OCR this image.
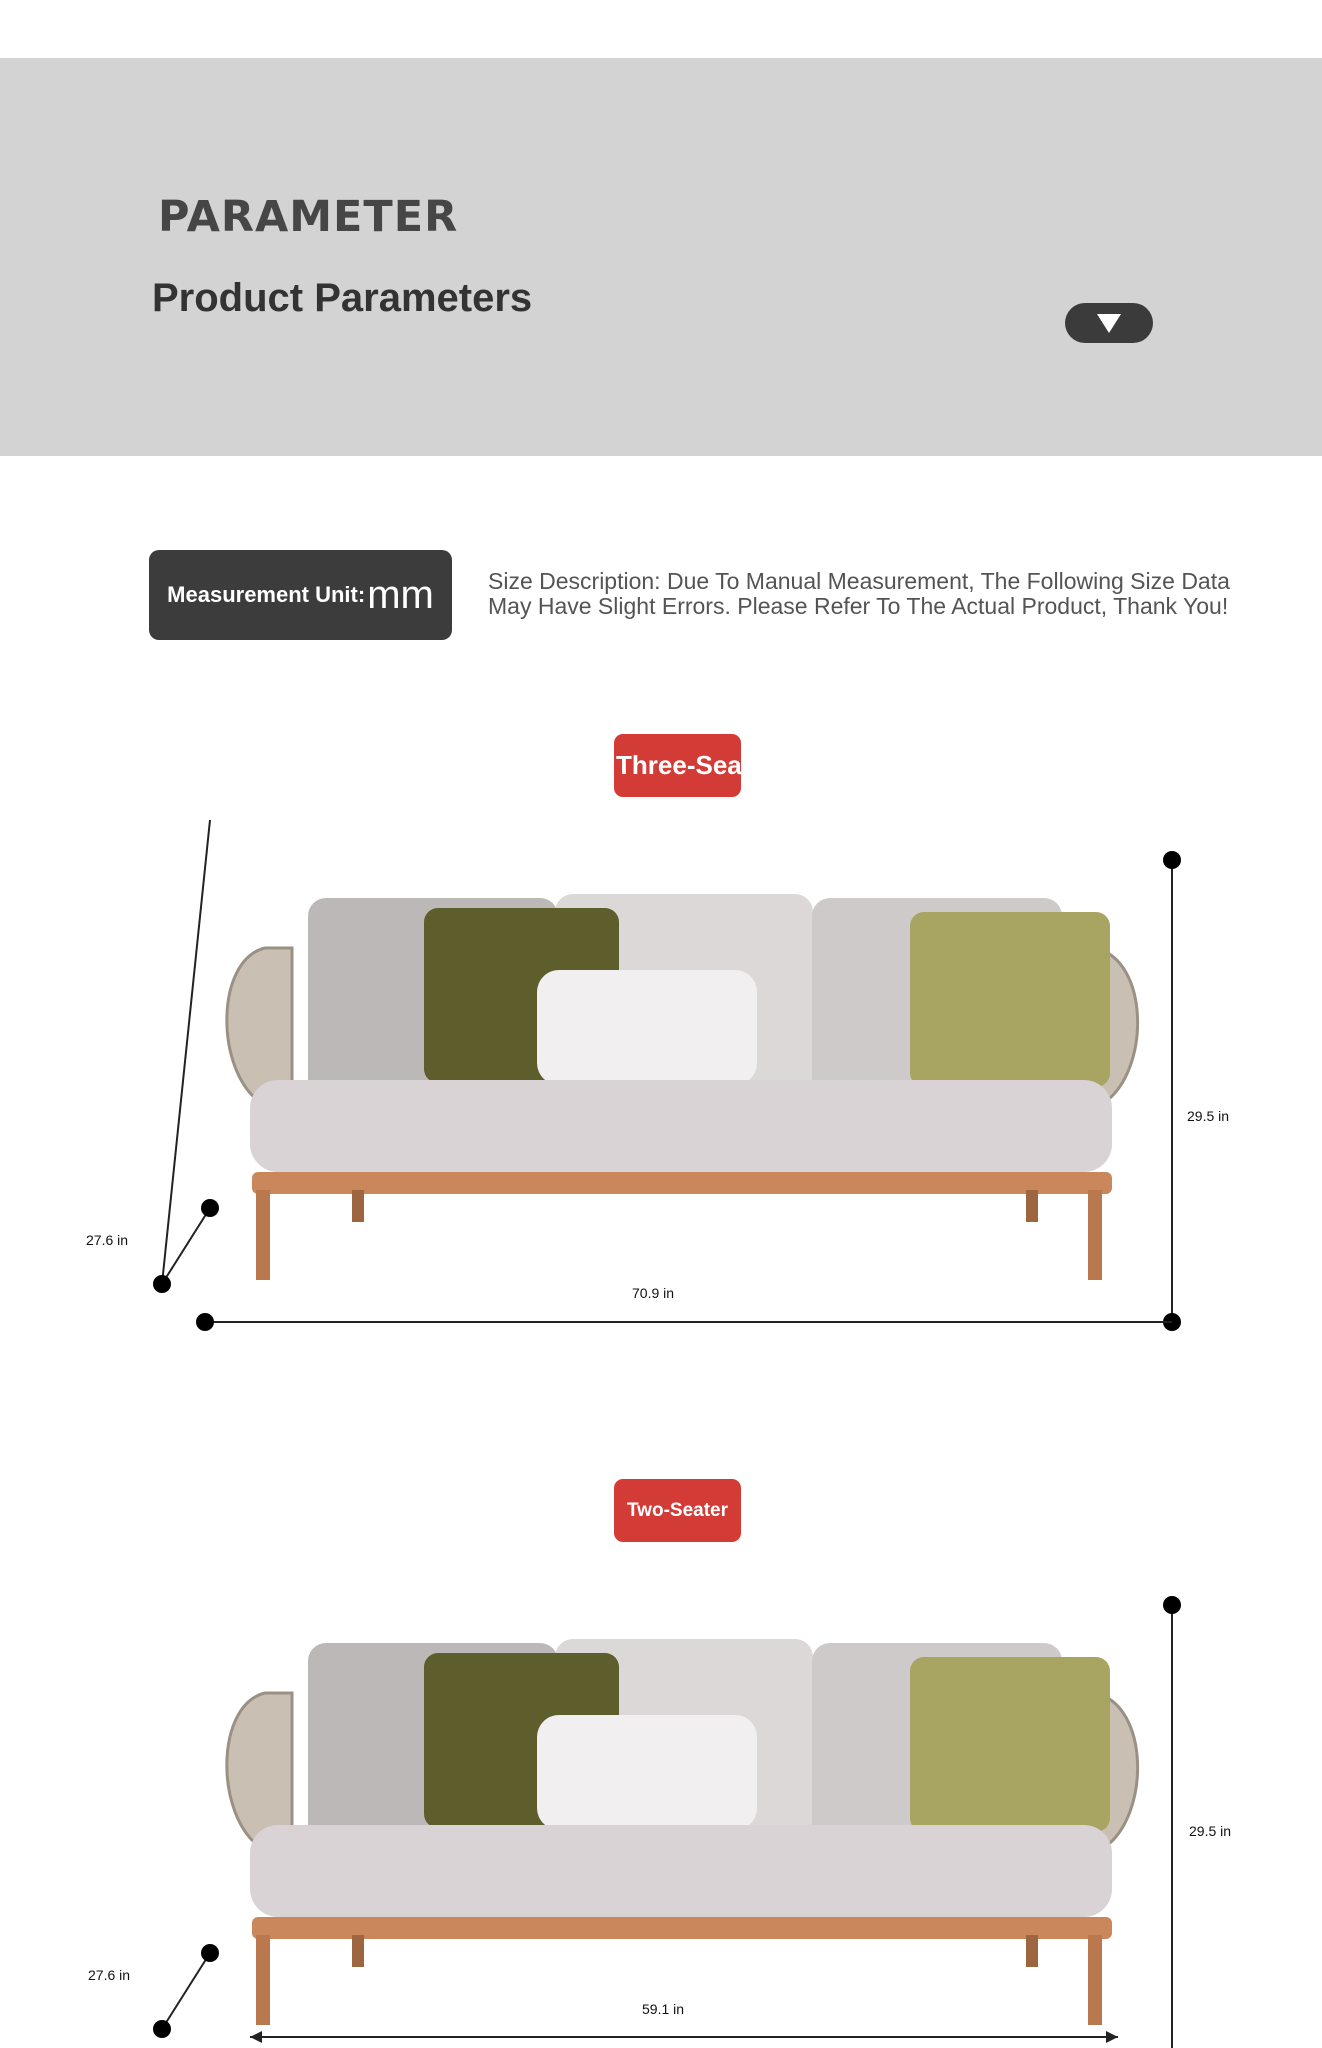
PARAMETER
Product Parameters
Measurement Unit: mm Size Description: Due To Manual Measurement, The Following Size Data May Have Slight Errors. Please Refer To The Actual Product, Thank You!

Three-Seater
27.6 in
70.9 in
29.5 in
Two-Seater
27.6 in
59.1 in
29.5 in
